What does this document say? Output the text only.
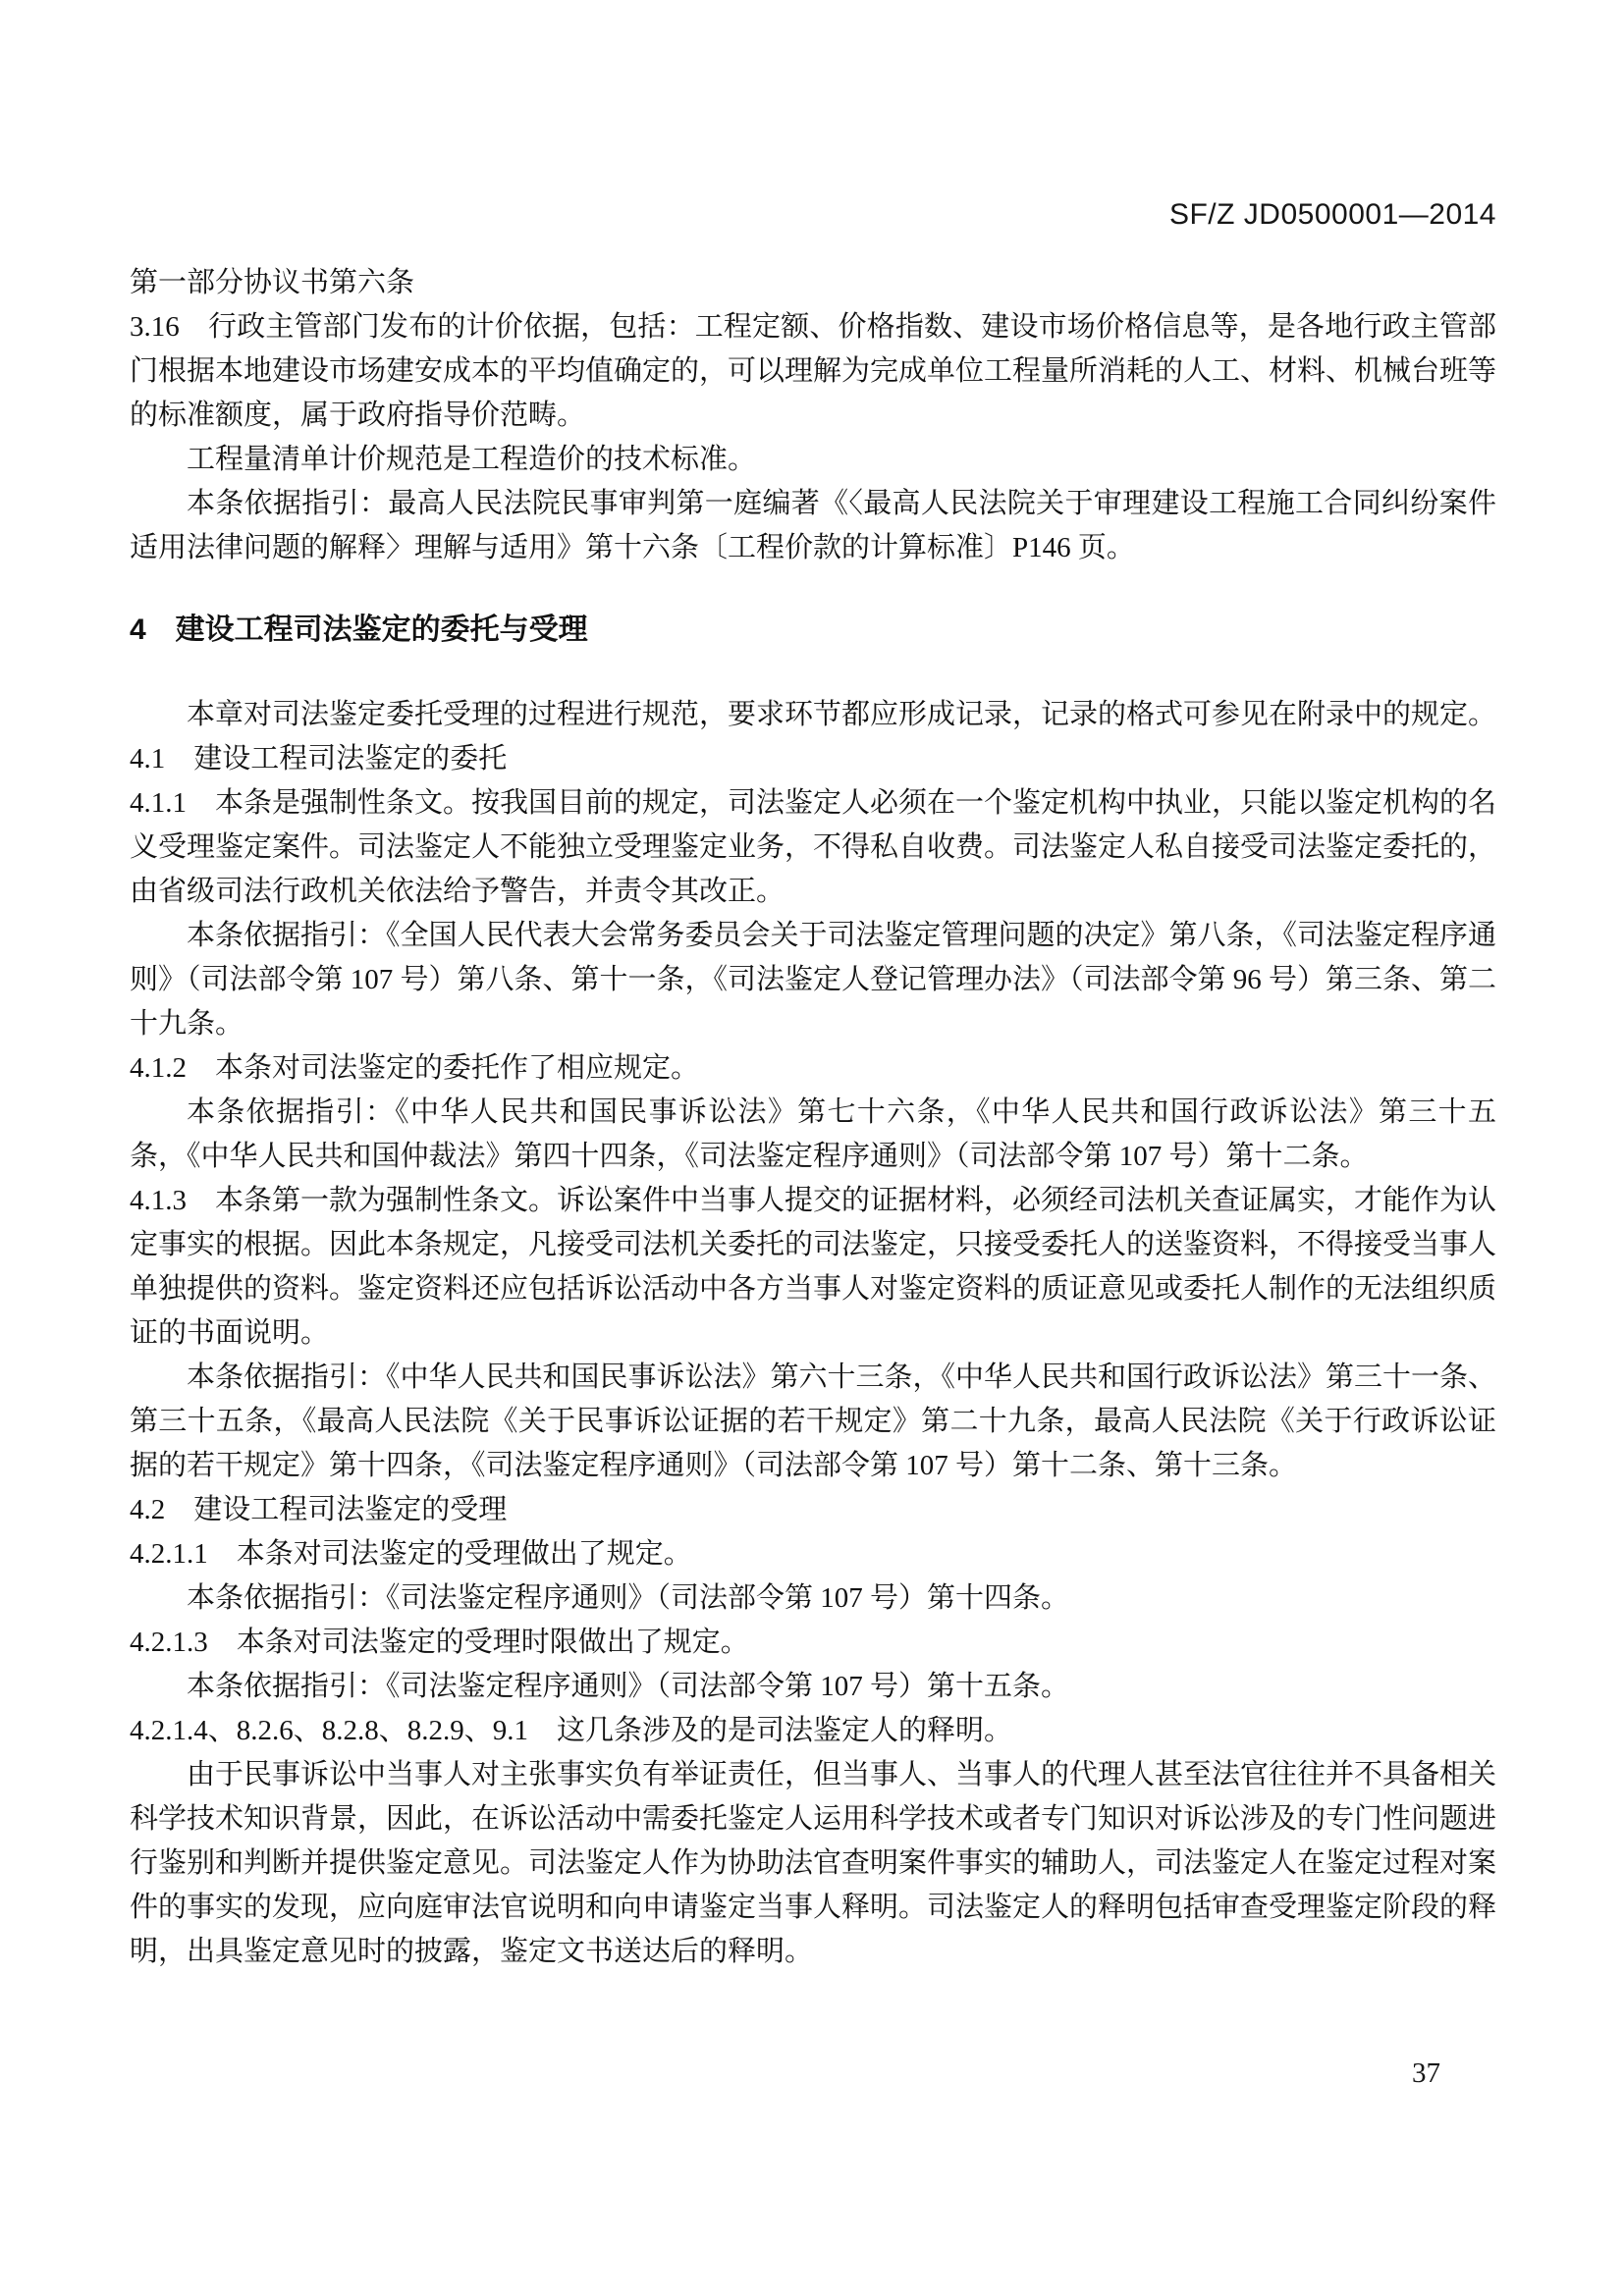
SF/Z JD0500001—2014

第一部分协议书第六条

3.16　行政主管部门发布的计价依据，包括：工程定额、价格指数、建设市场价格信息等，是各地行政主管部门根据本地建设市场建安成本的平均值确定的，可以理解为完成单位工程量所消耗的人工、材料、机械台班等的标准额度，属于政府指导价范畴。

工程量清单计价规范是工程造价的技术标准。

本条依据指引：最高人民法院民事审判第一庭编著《〈最高人民法院关于审理建设工程施工合同纠纷案件适用法律问题的解释〉理解与适用》第十六条〔工程价款的计算标准〕P146 页。

4　建设工程司法鉴定的委托与受理

本章对司法鉴定委托受理的过程进行规范，要求环节都应形成记录，记录的格式可参见在附录中的规定。

4.1　建设工程司法鉴定的委托

4.1.1　本条是强制性条文。按我国目前的规定，司法鉴定人必须在一个鉴定机构中执业，只能以鉴定机构的名义受理鉴定案件。司法鉴定人不能独立受理鉴定业务，不得私自收费。司法鉴定人私自接受司法鉴定委托的，由省级司法行政机关依法给予警告，并责令其改正。

本条依据指引：《全国人民代表大会常务委员会关于司法鉴定管理问题的决定》第八条，《司法鉴定程序通则》（司法部令第 107 号）第八条、第十一条，《司法鉴定人登记管理办法》（司法部令第 96 号）第三条、第二十九条。

4.1.2　本条对司法鉴定的委托作了相应规定。

本条依据指引：《中华人民共和国民事诉讼法》第七十六条，《中华人民共和国行政诉讼法》第三十五条，《中华人民共和国仲裁法》第四十四条，《司法鉴定程序通则》（司法部令第 107 号）第十二条。

4.1.3　本条第一款为强制性条文。诉讼案件中当事人提交的证据材料，必须经司法机关查证属实，才能作为认定事实的根据。因此本条规定，凡接受司法机关委托的司法鉴定，只接受委托人的送鉴资料，不得接受当事人单独提供的资料。鉴定资料还应包括诉讼活动中各方当事人对鉴定资料的质证意见或委托人制作的无法组织质证的书面说明。

本条依据指引：《中华人民共和国民事诉讼法》第六十三条，《中华人民共和国行政诉讼法》第三十一条、第三十五条，《最高人民法院《关于民事诉讼证据的若干规定》第二十九条，最高人民法院《关于行政诉讼证据的若干规定》第十四条，《司法鉴定程序通则》（司法部令第 107 号）第十二条、第十三条。

4.2　建设工程司法鉴定的受理

4.2.1.1　本条对司法鉴定的受理做出了规定。

本条依据指引：《司法鉴定程序通则》（司法部令第 107 号）第十四条。

4.2.1.3　本条对司法鉴定的受理时限做出了规定。

本条依据指引：《司法鉴定程序通则》（司法部令第 107 号）第十五条。

4.2.1.4、8.2.6、8.2.8、8.2.9、9.1　这几条涉及的是司法鉴定人的释明。

由于民事诉讼中当事人对主张事实负有举证责任，但当事人、当事人的代理人甚至法官往往并不具备相关科学技术知识背景，因此，在诉讼活动中需委托鉴定人运用科学技术或者专门知识对诉讼涉及的专门性问题进行鉴别和判断并提供鉴定意见。司法鉴定人作为协助法官查明案件事实的辅助人，司法鉴定人在鉴定过程对案件的事实的发现，应向庭审法官说明和向申请鉴定当事人释明。司法鉴定人的释明包括审查受理鉴定阶段的释明，出具鉴定意见时的披露，鉴定文书送达后的释明。

37
